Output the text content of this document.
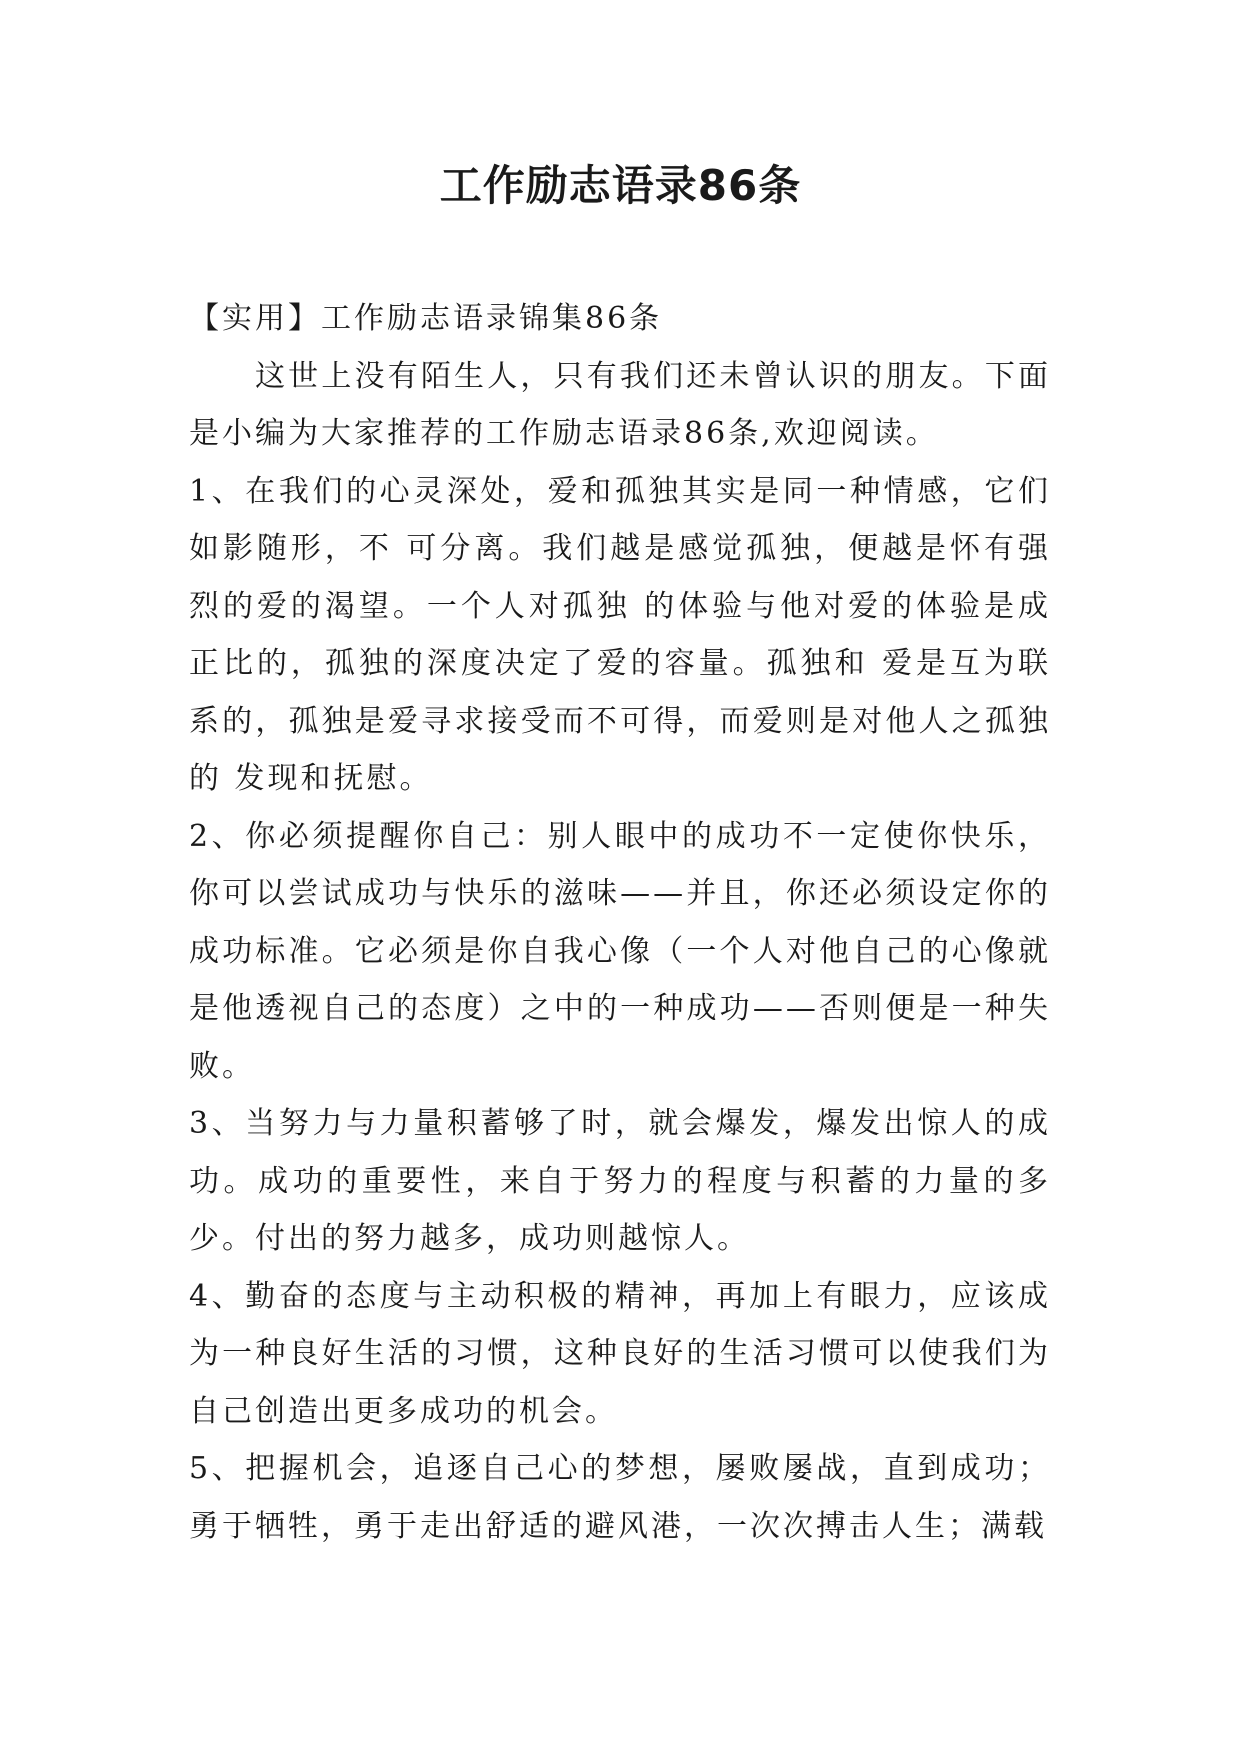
工作励志语录86条

【实用】工作励志语录锦集86条

这世上没有陌生人，只有我们还未曾认识的朋友。下面是小编为大家推荐的工作励志语录86条,欢迎阅读。

1、在我们的心灵深处，爱和孤独其实是同一种情感，它们如影随形，不 可分离。我们越是感觉孤独，便越是怀有强烈的爱的渴望。一个人对孤独 的体验与他对爱的体验是成正比的，孤独的深度决定了爱的容量。孤独和 爱是互为联系的，孤独是爱寻求接受而不可得，而爱则是对他人之孤独的 发现和抚慰。

2、你必须提醒你自己：别人眼中的成功不一定使你快乐，你可以尝试成功与快乐的滋味——并且，你还必须设定你的成功标准。它必须是你自我心像（一个人对他自己的心像就是他透视自己的态度）之中的一种成功——否则便是一种失败。

3、当努力与力量积蓄够了时，就会爆发，爆发出惊人的成功。成功的重要性，来自于努力的程度与积蓄的力量的多少。付出的努力越多，成功则越惊人。

4、勤奋的态度与主动积极的精神，再加上有眼力，应该成为一种良好生活的习惯，这种良好的生活习惯可以使我们为自己创造出更多成功的机会。

5、把握机会，追逐自己心的梦想，屡败屡战，直到成功；勇于牺牲，勇于走出舒适的避风港，一次次搏击人生；满载
